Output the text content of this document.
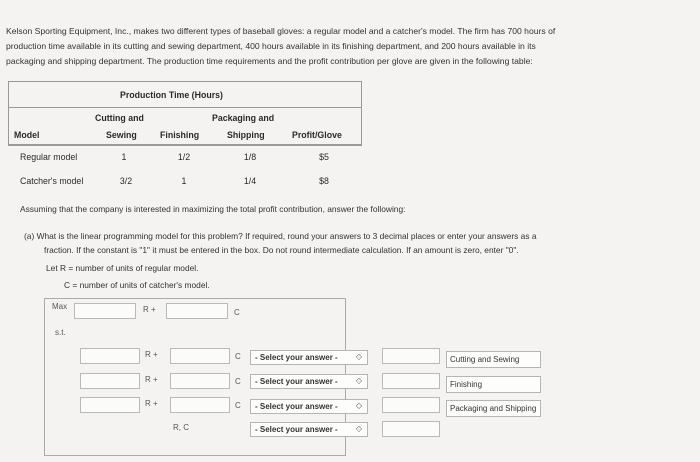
Kelson Sporting Equipment, Inc., makes two different types of baseball gloves: a regular model and a catcher's model. The firm has 700 hours of
production time available in its cutting and sewing department, 400 hours available in its finishing department, and 200 hours available in its
packaging and shipping department. The production time requirements and the profit contribution per glove are given in the following table:
Production Time (Hours)
Model
Cutting and
Sewing	Finishing
Packaging and
Shipping	Profit/Glove
Regular model	1	1/2	1/8	$5
Catcher's model	3/2	1	1/4	$8
Assuming that the company is interested in maximizing the total profit contribution, answer the following:
(a) What is the linear programming model for this problem? If required, round your answers to 3 decimal places or enter your answers as a
fraction. If the constant is "1" it must be entered in the box. Do not round intermediate calculation. If an amount is zero, enter "0".
Let R = number of units of regular model.
C = number of units of catcher's model.
Max	R +	C
s.t.
R +	C	- Select your answer - ◇	Cutting and Sewing
R +	C	- Select your answer - ◇	Finishing
R +	C	- Select your answer - ◇	Packaging and Shipping
R, C	- Select your answer - ◇
